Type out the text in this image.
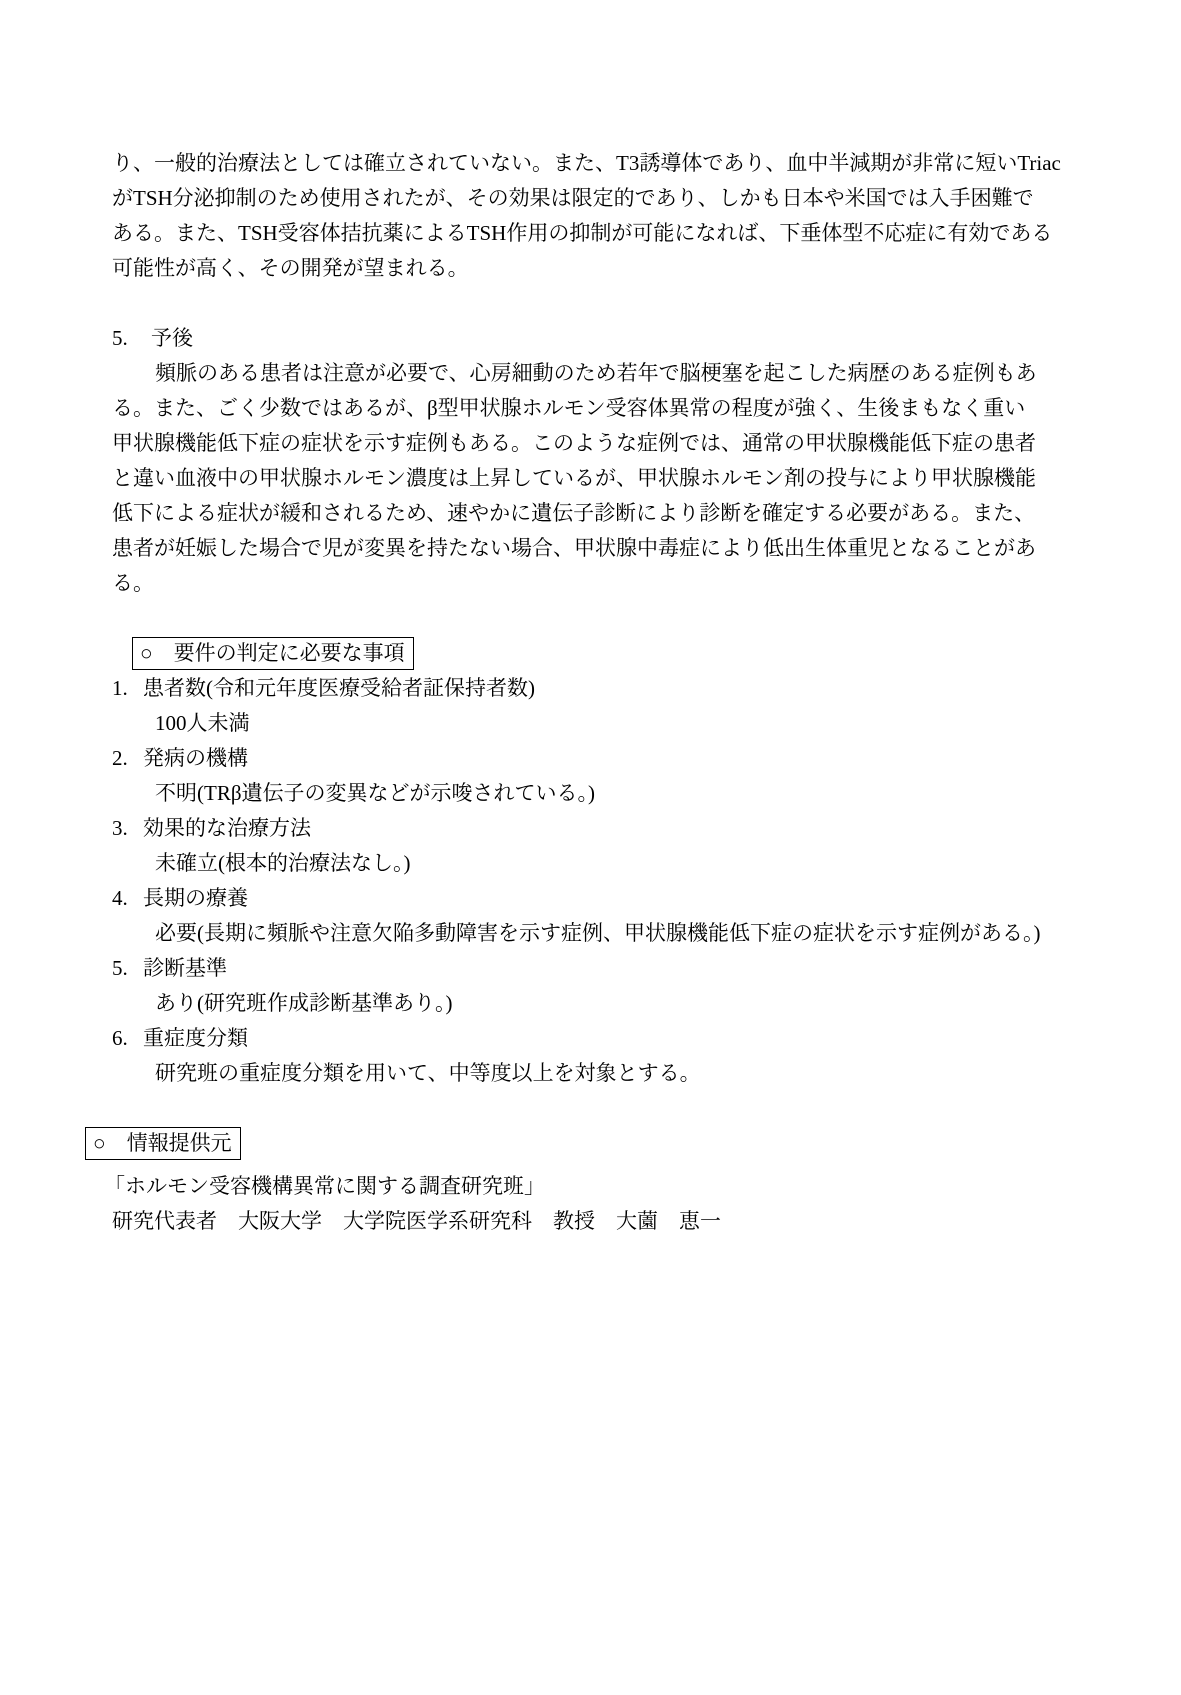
り、一般的治療法としては確立されていない。また、T3誘導体であり、血中半減期が非常に短いTriac
がTSH分泌抑制のため使用されたが、その効果は限定的であり、しかも日本や米国では入手困難で
ある。また、TSH受容体拮抗薬によるTSH作用の抑制が可能になれば、下垂体型不応症に有効である
可能性が高く、その開発が望まれる。
5. 予後
頻脈のある患者は注意が必要で、心房細動のため若年で脳梗塞を起こした病歴のある症例もあ
る。また、ごく少数ではあるが、β型甲状腺ホルモン受容体異常の程度が強く、生後まもなく重い
甲状腺機能低下症の症状を示す症例もある。このような症例では、通常の甲状腺機能低下症の患者
と違い血液中の甲状腺ホルモン濃度は上昇しているが、甲状腺ホルモン剤の投与により甲状腺機能
低下による症状が緩和されるため、速やかに遺伝子診断により診断を確定する必要がある。また、
患者が妊娠した場合で児が変異を持たない場合、甲状腺中毒症により低出生体重児となることがあ
る。
○ 要件の判定に必要な事項
1. 患者数(令和元年度医療受給者証保持者数)
100人未満
2. 発病の機構
不明(TRβ遺伝子の変異などが示唆されている。)
3. 効果的な治療方法
未確立(根本的治療法なし。)
4. 長期の療養
必要(長期に頻脈や注意欠陥多動障害を示す症例、甲状腺機能低下症の症状を示す症例がある。)
5. 診断基準
あり(研究班作成診断基準あり。)
6. 重症度分類
研究班の重症度分類を用いて、中等度以上を対象とする。
○ 情報提供元
「ホルモン受容機構異常に関する調査研究班」
研究代表者　大阪大学　大学院医学系研究科　教授　大薗　恵一
